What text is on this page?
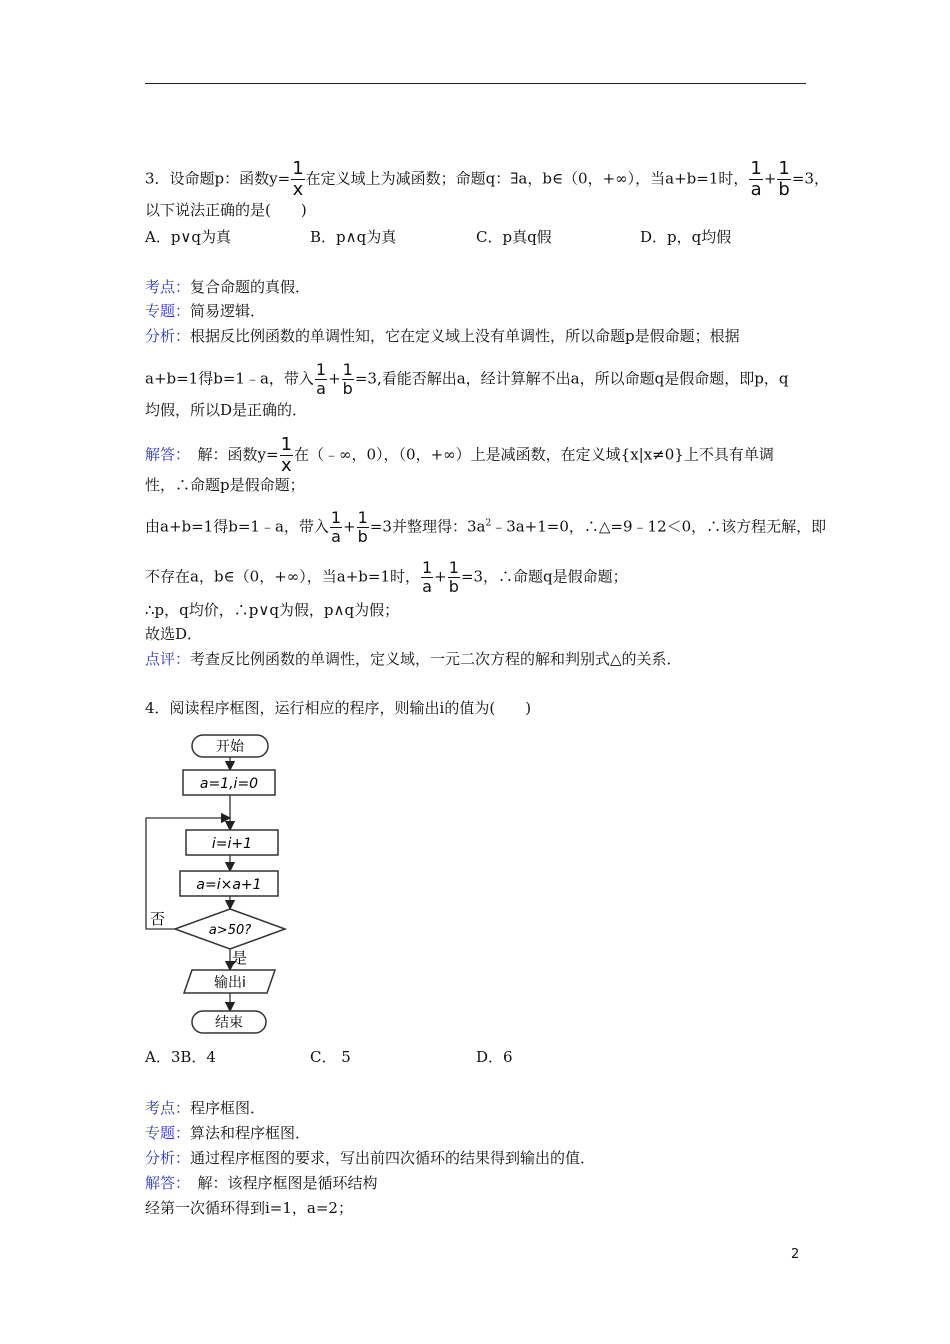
3．设命题p：函数$y= \frac{1}{x}$ 在定义域上为减函数；命题q：∃a，b∈（0，+∞），当a+b=1时， $\frac{1}{a} + \frac{1}{b} =3$，
以下说法正确的是(　　)
A．p∨q为真	B．p∧q为真	C．p真q假	D．p，q均假
考点：复合命题的真假．
专题：简易逻辑．
分析：根据反比例函数的单调性知，它在定义域上没有单调性，所以命题p是假命题；根据
a+b=1得b=1﹣a，带入 $\frac{1}{a} + \frac{1}{b} =3$,看能否解出a，经计算解不出a，所以命题q是假命题，即p，q
均假，所以D是正确的．
解答：　解：函数$y= \frac{1}{x}$ 在（﹣∞，0），（0，+∞）上是减函数，在定义域{x|x≠0}上不具有单调
性，∴命题p是假命题；
由a+b=1得b=1﹣a，带入 $\frac{1}{a} + \frac{1}{b} =3$并整理得：$3a^2﹣3a+1=0$，∴△=9﹣12＜0，∴该方程无解，即
不存在a，b∈（0，+∞），当a+b=1时， $\frac{1}{a} + \frac{1}{b} =3$，∴命题q是假命题；
∴p，q均价，∴p∨q为假，p∧q为假；
故选D．
点评：考查反比例函数的单调性，定义域，一元二次方程的解和判别式△的关系．
4．阅读程序框图，运行相应的程序，则输出i的值为(　　)
开始
a=1,i=0
i=i+1
a=i×a+1
a>50?
否
是
输出i
结束
A．3B．4	C． 5	D．6
考点：程序框图．
专题：算法和程序框图．
分析：通过程序框图的要求，写出前四次循环的结果得到输出的值．
解答：　解：该程序框图是循环结构
经第一次循环得到i=1，a=2；
2
